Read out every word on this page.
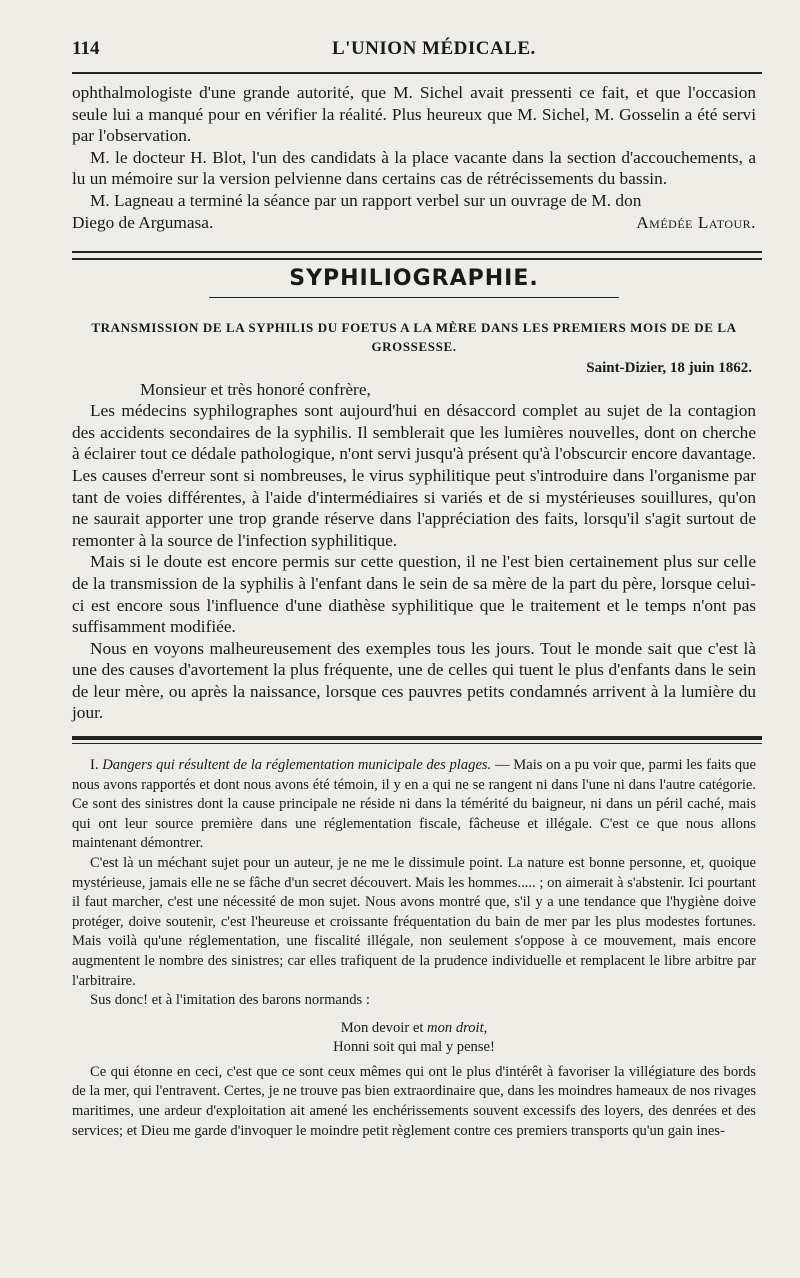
114	L'UNION MÉDICALE.

ophthalmologiste d'une grande autorité, que M. Sichel avait pressenti ce fait, et que l'occasion seule lui a manqué pour en vérifier la réalité. Plus heureux que M. Sichel, M. Gosselin a été servi par l'observation.

M. le docteur H. Blot, l'un des candidats à la place vacante dans la section d'accouchements, a lu un mémoire sur la version pelvienne dans certains cas de rétrécissements du bassin.

M. Lagneau a terminé la séance par un rapport verbel sur un ouvrage de M. don

Diego de Argumasa.	Amédée Latour.
SYPHILIOGRAPHIE.
TRANSMISSION DE LA SYPHILIS DU FOETUS A LA MÈRE DANS LES PREMIERS MOIS DE DE LA GROSSESSE.
Saint-Dizier, 18 juin 1862.
Monsieur et très honoré confrère,

Les médecins syphilographes sont aujourd'hui en désaccord complet au sujet de la contagion des accidents secondaires de la syphilis. Il semblerait que les lumières nouvelles, dont on cherche à éclairer tout ce dédale pathologique, n'ont servi jusqu'à présent qu'à l'obscurcir encore davantage. Les causes d'erreur sont si nombreuses, le virus syphilitique peut s'introduire dans l'organisme par tant de voies différentes, à l'aide d'intermédiaires si variés et de si mystérieuses souillures, qu'on ne saurait apporter une trop grande réserve dans l'appréciation des faits, lorsqu'il s'agit surtout de remonter à la source de l'infection syphilitique.

Mais si le doute est encore permis sur cette question, il ne l'est bien certainement plus sur celle de la transmission de la syphilis à l'enfant dans le sein de sa mère de la part du père, lorsque celui-ci est encore sous l'influence d'une diathèse syphilitique que le traitement et le temps n'ont pas suffisamment modifiée.

Nous en voyons malheureusement des exemples tous les jours. Tout le monde sait que c'est là une des causes d'avortement la plus fréquente, une de celles qui tuent le plus d'enfants dans le sein de leur mère, ou après la naissance, lorsque ces pauvres petits condamnés arrivent à la lumière du jour.

I. Dangers qui résultent de la réglementation municipale des plages. — Mais on a pu voir que, parmi les faits que nous avons rapportés et dont nous avons été témoin, il y en a qui ne se rangent ni dans l'une ni dans l'autre catégorie. Ce sont des sinistres dont la cause principale ne réside ni dans la témérité du baigneur, ni dans un péril caché, mais qui ont leur source première dans une réglementation fiscale, fâcheuse et illégale. C'est ce que nous allons maintenant démontrer.

C'est là un méchant sujet pour un auteur, je ne me le dissimule point. La nature est bonne personne, et, quoique mystérieuse, jamais elle ne se fâche d'un secret découvert. Mais les hommes..... ; on aimerait à s'abstenir. Ici pourtant il faut marcher, c'est une nécessité de mon sujet. Nous avons montré que, s'il y a une tendance que l'hygiène doive protéger, doive soutenir, c'est l'heureuse et croissante fréquentation du bain de mer par les plus modestes fortunes. Mais voilà qu'une réglementation, une fiscalité illégale, non seulement s'oppose à ce mouvement, mais encore augmentent le nombre des sinistres; car elles trafiquent de la prudence individuelle et remplacent le libre arbitre par l'arbitraire.

Sus donc! et à l'imitation des barons normands :

Mon devoir et mon droit,
Honni soit qui mal y pense!

Ce qui étonne en ceci, c'est que ce sont ceux mêmes qui ont le plus d'intérêt à favoriser la villégiature des bords de la mer, qui l'entravent. Certes, je ne trouve pas bien extraordinaire que, dans les moindres hameaux de nos rivages maritimes, une ardeur d'exploitation ait amené les enchérissements souvent excessifs des loyers, des denrées et des services; et Dieu me garde d'invoquer le moindre petit règlement contre ces premiers transports qu'un gain ines-
